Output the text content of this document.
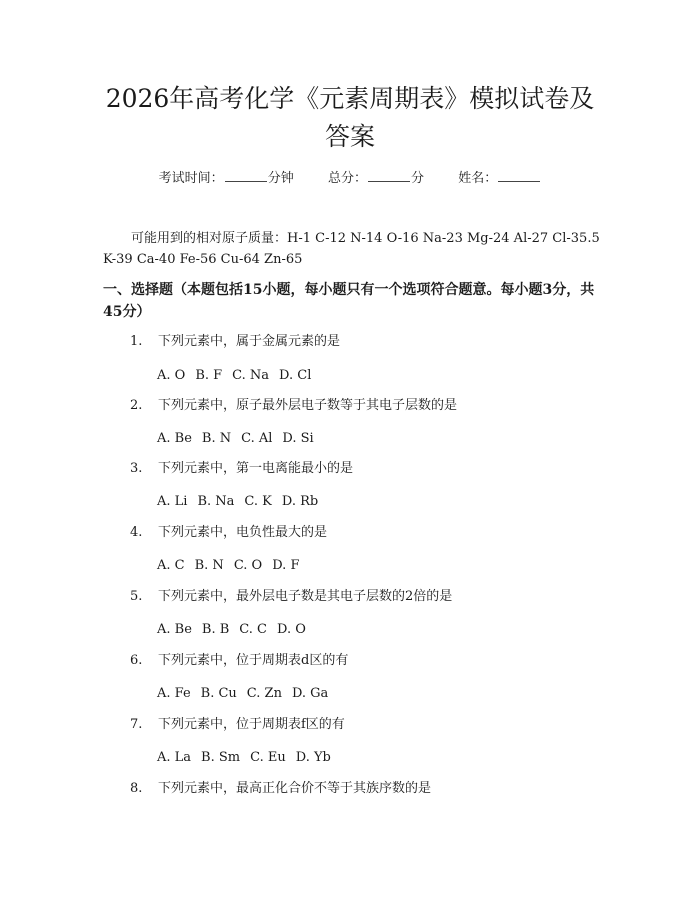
2026年高考化学《元素周期表》模拟试卷及
答案
考试时间：	分钟	总分：	分	姓名：
可能用到的相对原子质量：H-1 C-12 N-14 O-16 Na-23 Mg-24 Al-27 Cl-35.5
K-39 Ca-40 Fe-56 Cu-64 Zn-65
一、选择题（本题包括15小题，每小题只有一个选项符合题意。每小题3分，共
45分）
1. 下列元素中，属于金属元素的是
A. O B. F C. Na D. Cl
2. 下列元素中，原子最外层电子数等于其电子层数的是
A. Be B. N C. Al D. Si
3. 下列元素中，第一电离能最小的是
A. Li B. Na C. K D. Rb
4. 下列元素中，电负性最大的是
A. C B. N C. O D. F
5. 下列元素中，最外层电子数是其电子层数的2倍的是
A. Be B. B C. C D. O
6. 下列元素中，位于周期表d区的有
A. Fe B. Cu C. Zn D. Ga
7. 下列元素中，位于周期表f区的有
A. La B. Sm C. Eu D. Yb
8. 下列元素中，最高正化合价不等于其族序数的是
